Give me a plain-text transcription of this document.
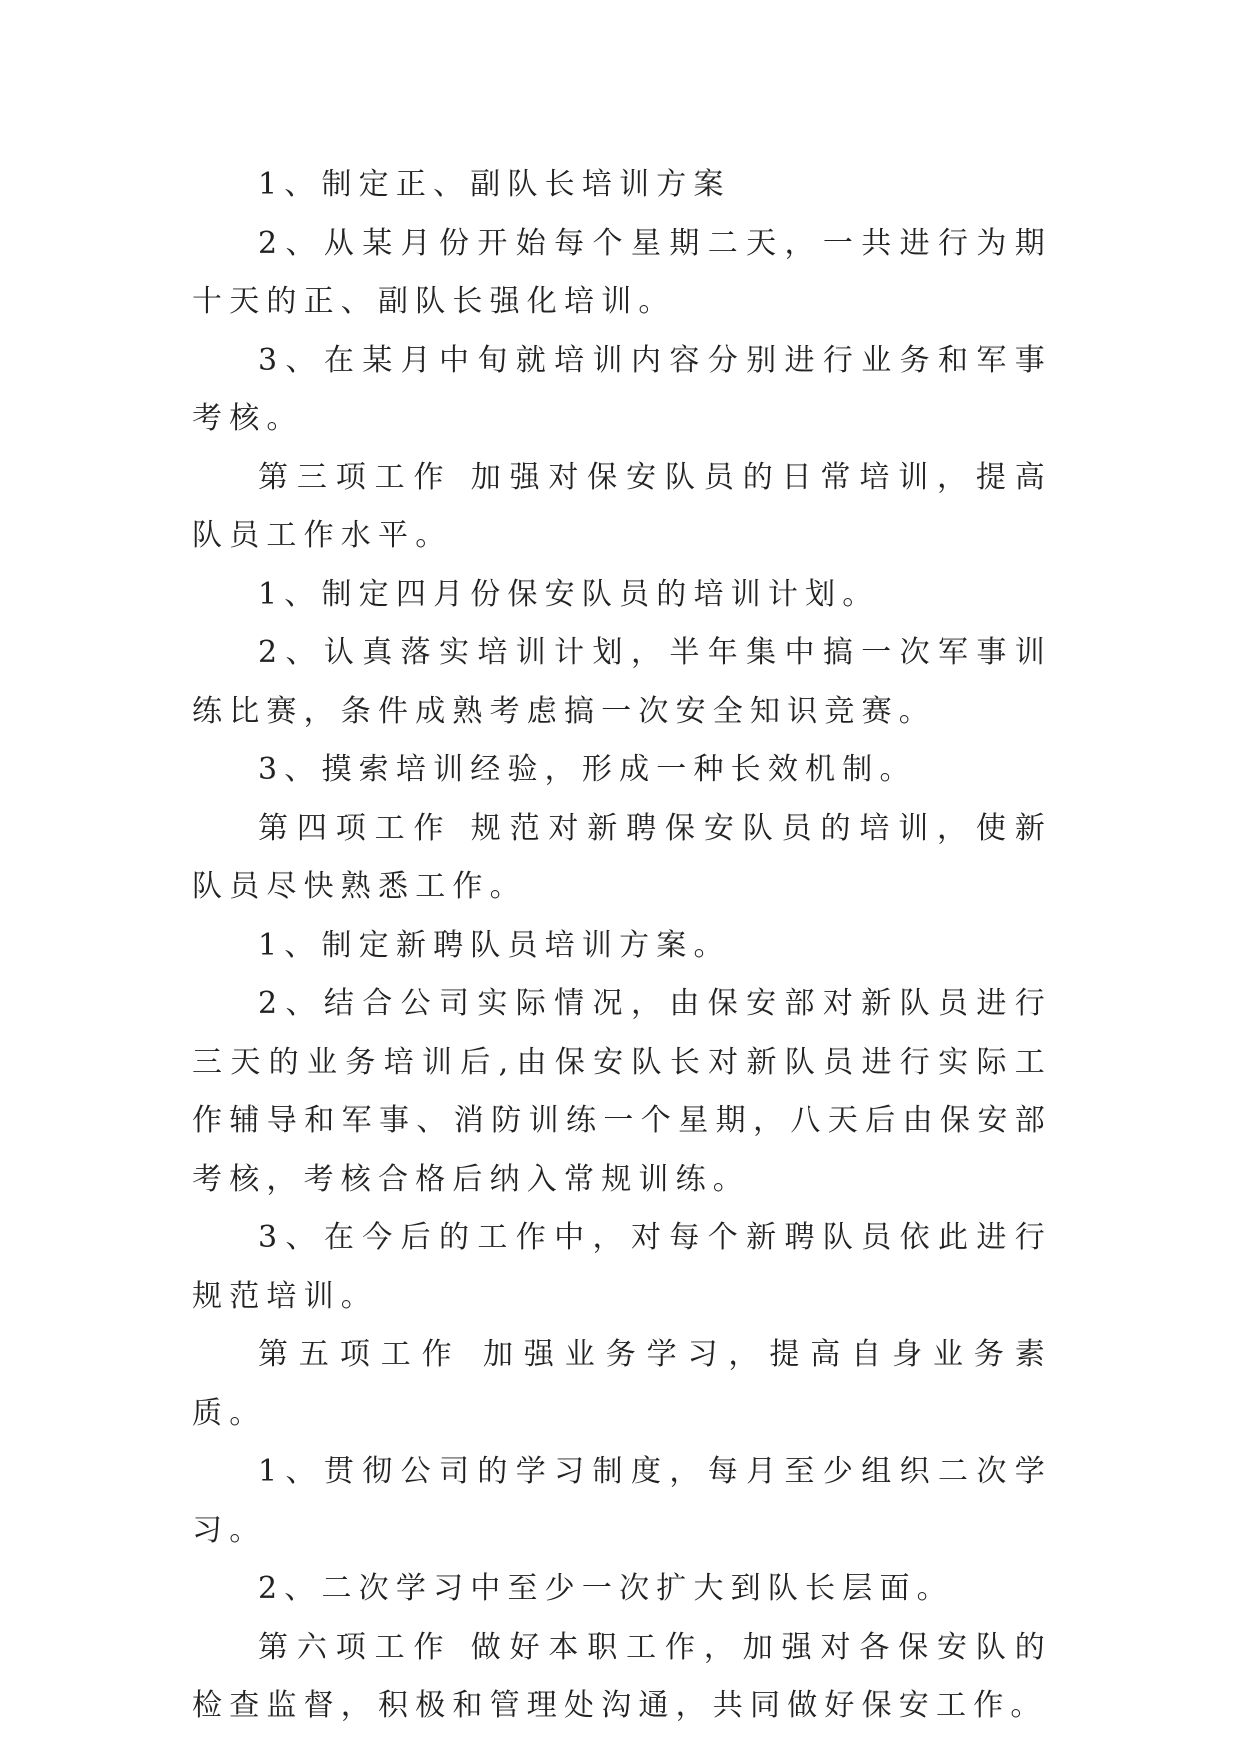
1、制定正、副队长培训方案

2、从某月份开始每个星期二天，一共进行为期十天的正、副队长强化培训。

3、在某月中旬就培训内容分别进行业务和军事考核。

第三项工作 加强对保安队员的日常培训，提高队员工作水平。

1、制定四月份保安队员的培训计划。

2、认真落实培训计划，半年集中搞一次军事训练比赛，条件成熟考虑搞一次安全知识竞赛。

3、摸索培训经验，形成一种长效机制。

第四项工作 规范对新聘保安队员的培训，使新队员尽快熟悉工作。

1、制定新聘队员培训方案。

2、结合公司实际情况，由保安部对新队员进行三天的业务培训后,由保安队长对新队员进行实际工作辅导和军事、消防训练一个星期，八天后由保安部考核，考核合格后纳入常规训练。

3、在今后的工作中，对每个新聘队员依此进行规范培训。

第五项工作 加强业务学习，提高自身业务素质。

1、贯彻公司的学习制度，每月至少组织二次学习。

2、二次学习中至少一次扩大到队长层面。

第六项工作 做好本职工作，加强对各保安队的检查监督，积极和管理处沟通，共同做好保安工作。
